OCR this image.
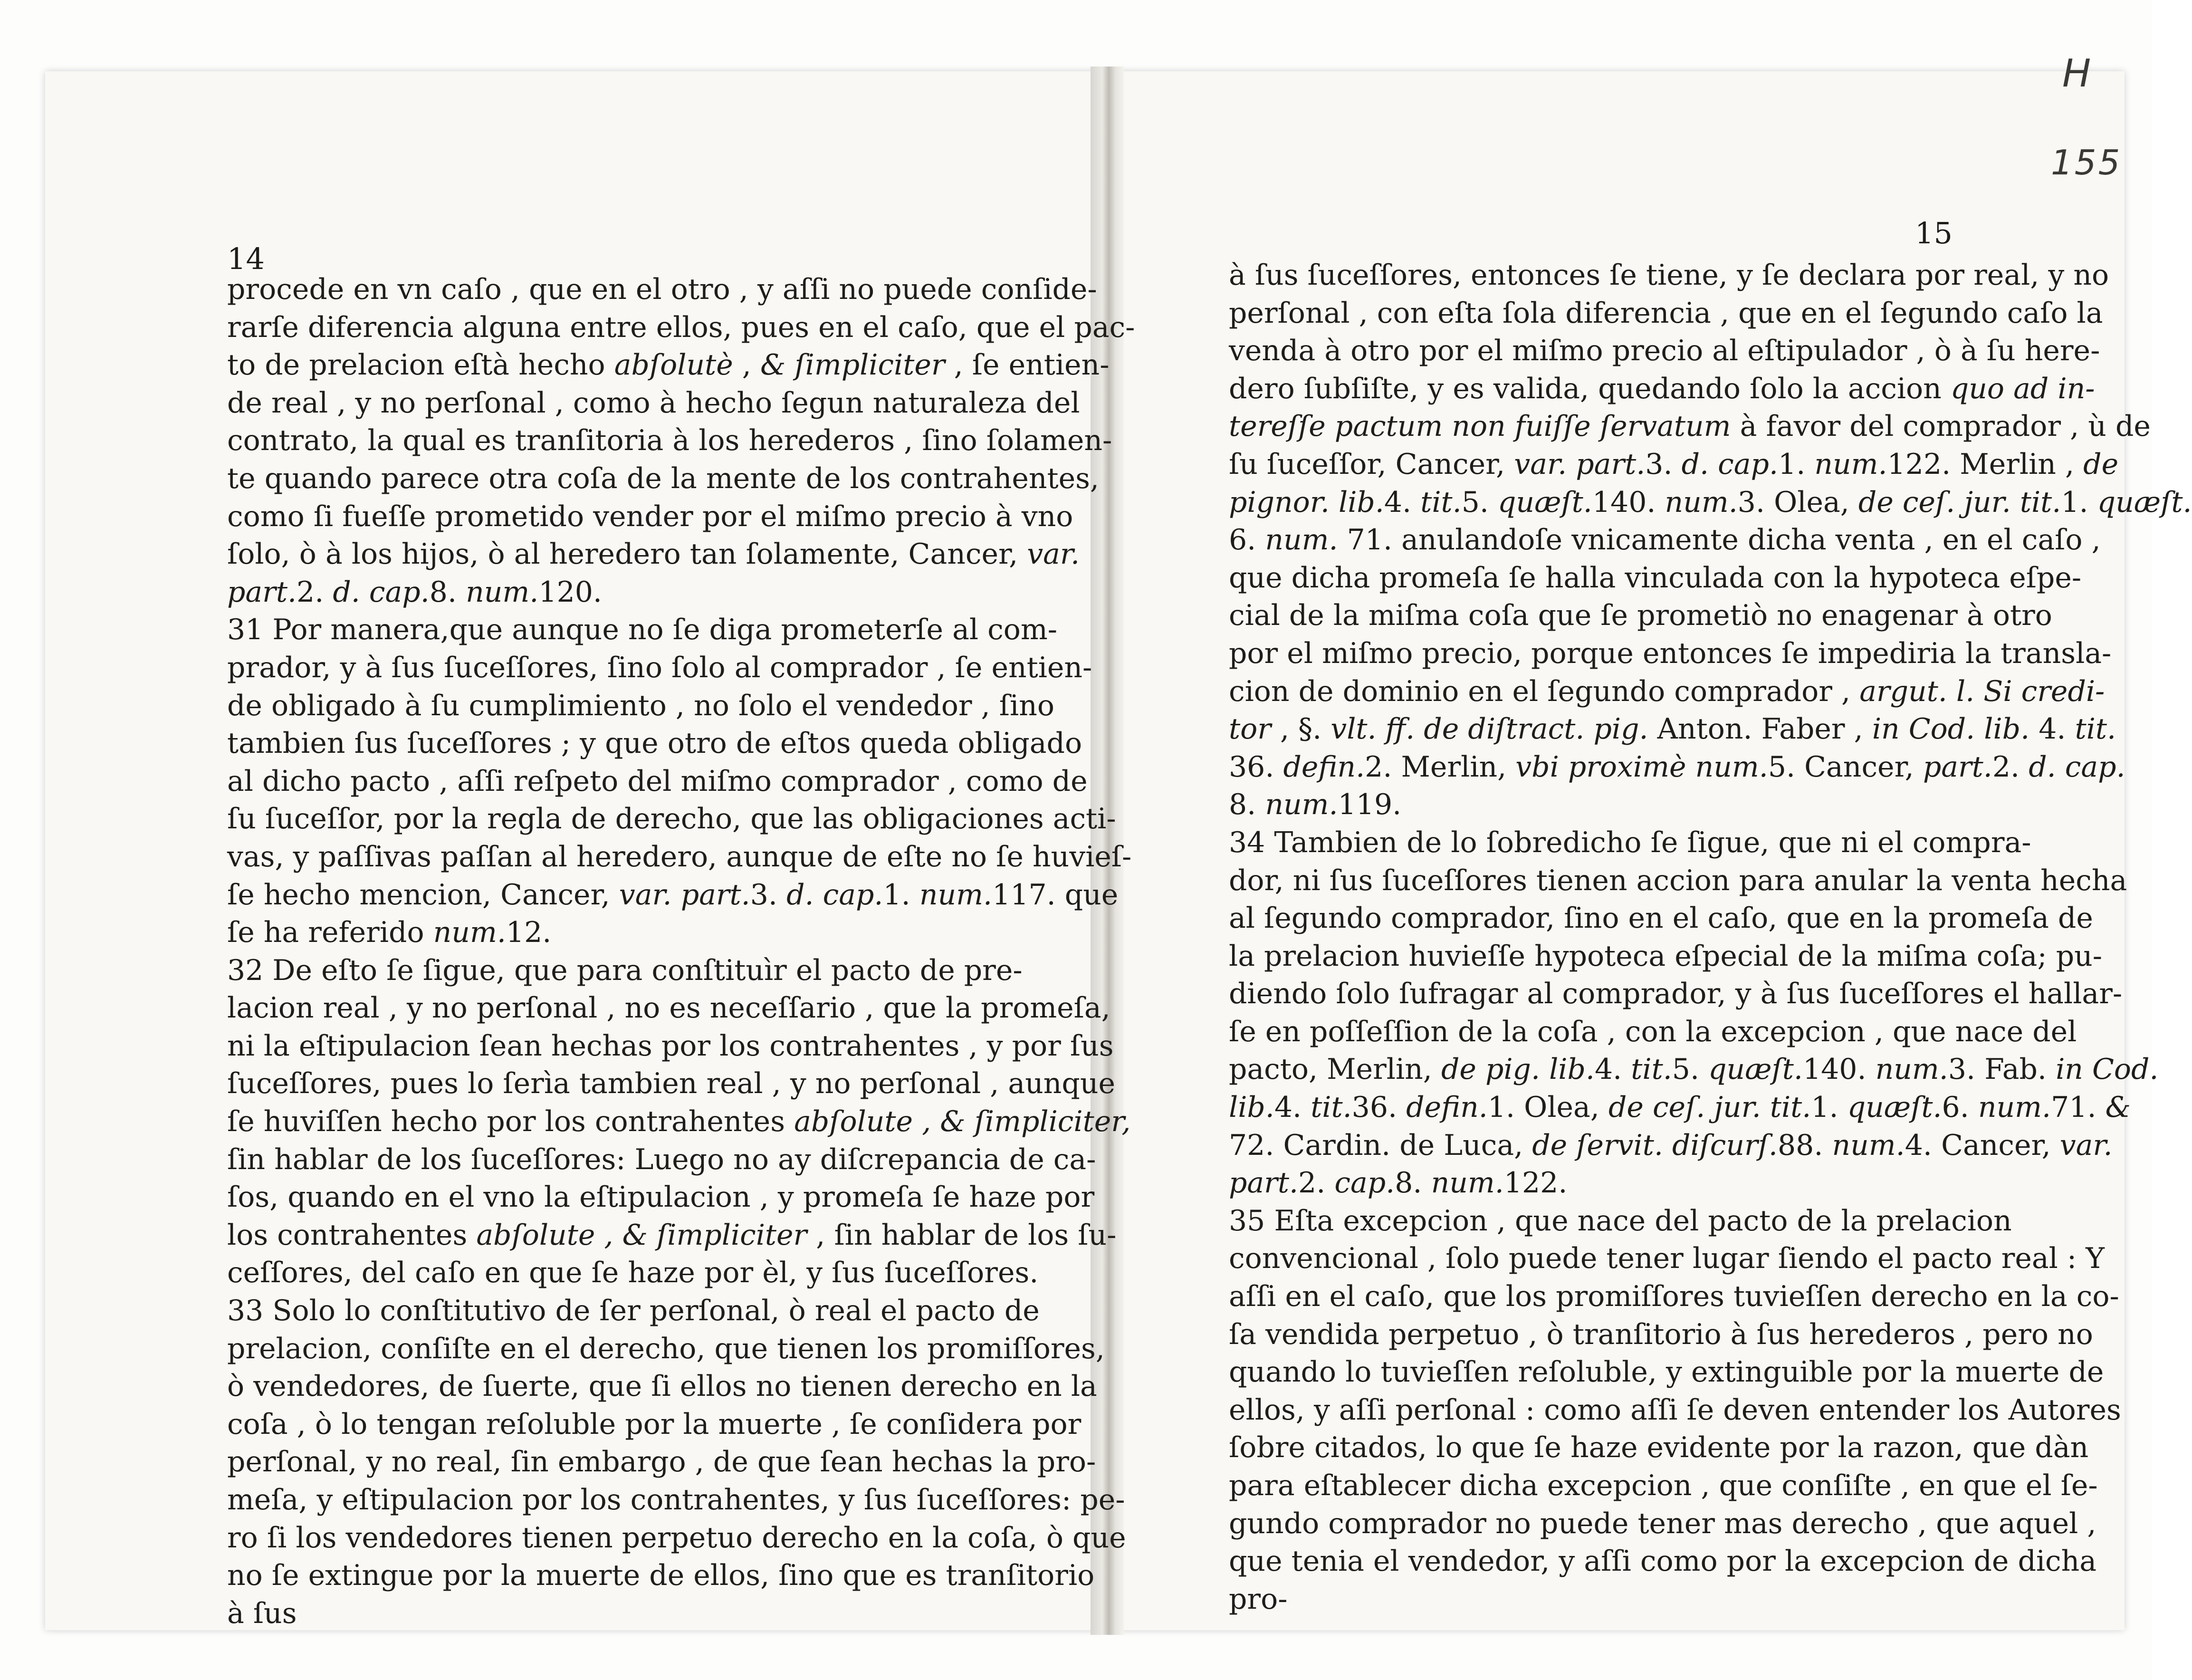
14
15
H
155
procede en vn caſo , que en el otro , y aſſi no puede conſide-
rarſe diferencia alguna entre ellos, pues en el caſo, que el pac-
to de prelacion eſtà hecho abſolutè , & ſimpliciter , ſe entien-
de real , y no perſonal , como à hecho ſegun naturaleza del
contrato, la qual es tranſitoria à los herederos , ſino ſolamen-
te quando parece otra coſa de la mente de los contrahentes,
como ſi fueſſe prometido vender por el miſmo precio à vno
ſolo, ò à los hijos, ò al heredero tan ſolamente, Cancer, var.
part.2. d. cap.8. num.120.
31 Por manera,que aunque no ſe diga prometerſe al com-
prador, y à ſus ſuceſſores, ſino ſolo al comprador , ſe entien-
de obligado à ſu cumplimiento , no ſolo el vendedor , ſino
tambien ſus ſuceſſores ; y que otro de eſtos queda obligado
al dicho pacto , aſſi reſpeto del miſmo comprador , como de
ſu ſuceſſor, por la regla de derecho, que las obligaciones acti-
vas, y paſſivas paſſan al heredero, aunque de eſte no ſe huvieſ-
ſe hecho mencion, Cancer, var. part.3. d. cap.1. num.117. que
ſe ha referido num.12.
32 De eſto ſe ſigue, que para conſtituìr el pacto de pre-
lacion real , y no perſonal , no es neceſſario , que la promeſa,
ni la eſtipulacion ſean hechas por los contrahentes , y por ſus
ſuceſſores, pues lo ſerìa tambien real , y no perſonal , aunque
ſe huviſſen hecho por los contrahentes abſolute , & ſimpliciter,
ſin hablar de los ſuceſſores: Luego no ay diſcrepancia de ca-
ſos, quando en el vno la eſtipulacion , y promeſa ſe haze por
los contrahentes abſolute , & ſimpliciter , ſin hablar de los ſu-
ceſſores, del caſo en que ſe haze por èl, y ſus ſuceſſores.
33 Solo lo conſtitutivo de ſer perſonal, ò real el pacto de
prelacion, conſiſte en el derecho, que tienen los promiſſores,
ò vendedores, de ſuerte, que ſi ellos no tienen derecho en la
coſa , ò lo tengan reſoluble por la muerte , ſe conſidera por
perſonal, y no real, ſin embargo , de que ſean hechas la pro-
meſa, y eſtipulacion por los contrahentes, y ſus ſuceſſores: pe-
ro ſi los vendedores tienen perpetuo derecho en la coſa, ò que
no ſe extingue por la muerte de ellos, ſino que es tranſitorio
à ſus
à ſus ſuceſſores, entonces ſe tiene, y ſe declara por real, y no
perſonal , con eſta ſola diferencia , que en el ſegundo caſo la
venda à otro por el miſmo precio al eſtipulador , ò à ſu here-
dero ſubſiſte, y es valida, quedando ſolo la accion quo ad in-
tereſſe pactum non fuiſſe ſervatum à favor del comprador , ù de
ſu ſuceſſor, Cancer, var. part.3. d. cap.1. num.122. Merlin , de
pignor. lib.4. tit.5. quæſt.140. num.3. Olea, de ceſ. jur. tit.1. quæſt.
6. num. 71. anulandoſe vnicamente dicha venta , en el caſo ,
que dicha promeſa ſe halla vinculada con la hypoteca eſpe-
cial de la miſma coſa que ſe prometiò no enagenar à otro
por el miſmo precio, porque entonces ſe impediria la transla-
cion de dominio en el ſegundo comprador , argut. l. Si credi-
tor , §. vlt. ff. de diſtract. pig. Anton. Faber , in Cod. lib. 4. tit.
36. defin.2. Merlin, vbi proximè num.5. Cancer, part.2. d. cap.
8. num.119.
34 Tambien de lo ſobredicho ſe ſigue, que ni el compra-
dor, ni ſus ſuceſſores tienen accion para anular la venta hecha
al ſegundo comprador, ſino en el caſo, que en la promeſa de
la prelacion huvieſſe hypoteca eſpecial de la miſma coſa; pu-
diendo ſolo ſufragar al comprador, y à ſus ſuceſſores el hallar-
ſe en poſſeſſion de la coſa , con la excepcion , que nace del
pacto, Merlin, de pig. lib.4. tit.5. quæſt.140. num.3. Fab. in Cod.
lib.4. tit.36. defin.1. Olea, de ceſ. jur. tit.1. quæſt.6. num.71. &
72. Cardin. de Luca, de ſervit. diſcurſ.88. num.4. Cancer, var.
part.2. cap.8. num.122.
35 Eſta excepcion , que nace del pacto de la prelacion
convencional , ſolo puede tener lugar ſiendo el pacto real : Y
aſſi en el caſo, que los promiſſores tuvieſſen derecho en la co-
ſa vendida perpetuo , ò tranſitorio à ſus herederos , pero no
quando lo tuvieſſen reſoluble, y extinguible por la muerte de
ellos, y aſſi perſonal : como aſſi ſe deven entender los Autores
ſobre citados, lo que ſe haze evidente por la razon, que dàn
para eſtablecer dicha excepcion , que conſiſte , en que el ſe-
gundo comprador no puede tener mas derecho , que aquel ,
que tenia el vendedor, y aſſi como por la excepcion de dicha
pro-
